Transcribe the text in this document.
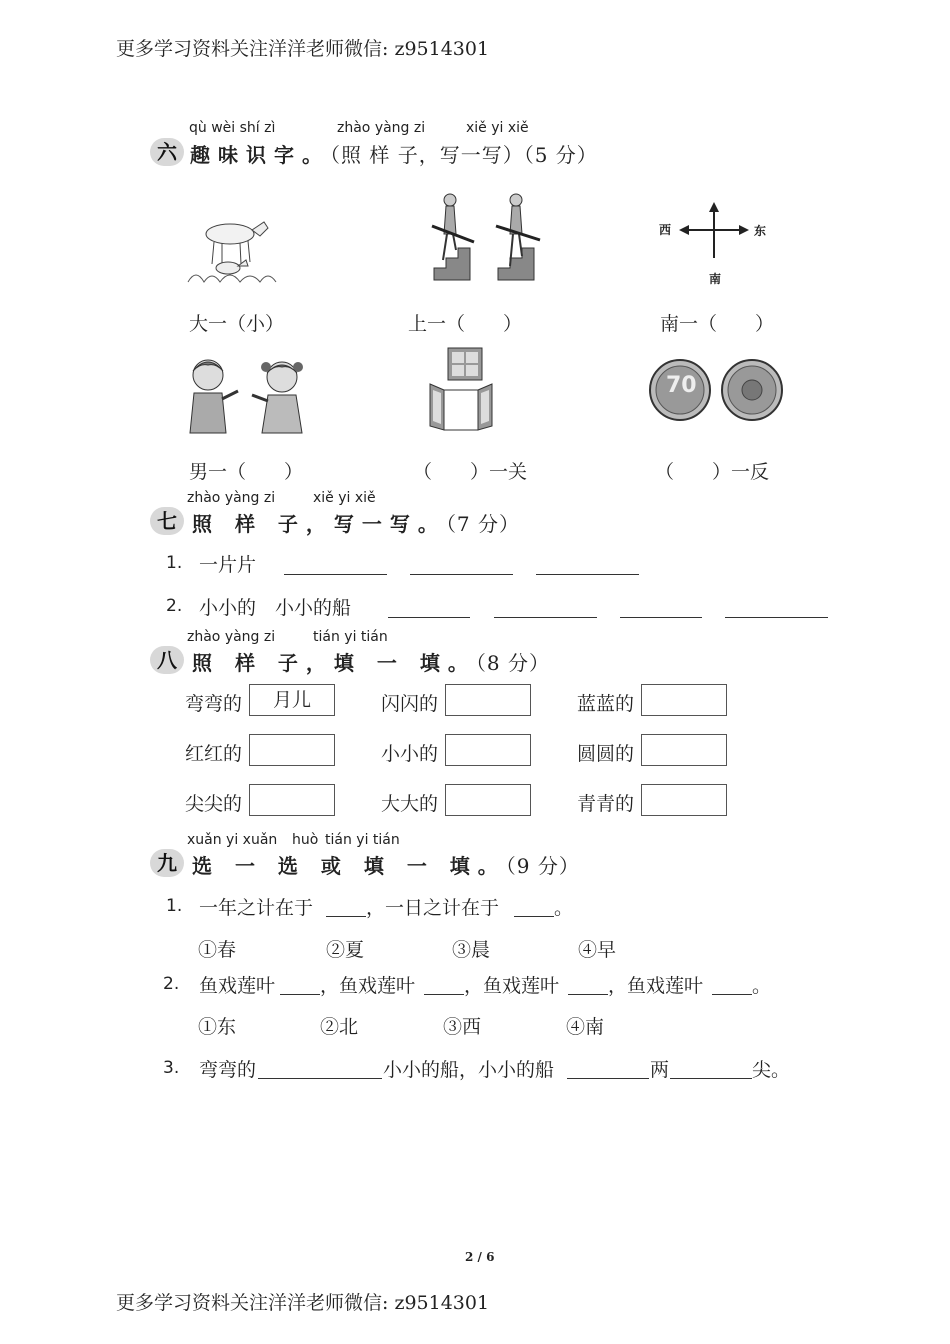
更多学习资料关注洋洋老师微信: z9514301
qù wèi shí zì	zhào yàng zi	xiě yi xiě
六 趣味识字。（照 样 子，写一写）（5 分）
西	东
南
大一（小）	上一（　　）	南一（　　）
70
男一（　　）	（　　）一关	（　　）一反
zhào yàng zi	xiě yi xiě
七 照 样 子，写一写。（7 分）
1. 一片片
2. 小小的　小小的船
zhào yàng zi	tián yi tián
八 照 样 子，填 一 填。（8 分）
弯弯的	月儿	闪闪的	蓝蓝的
红红的	小小的	圆圆的
尖尖的	大大的	青青的
xuǎn yi xuǎn huò tián yi tián
九 选 一 选 或 填 一 填。（9 分）
1. 一年之计在于	，一日之计在于	。
①春	②夏	③晨	④早
2. 鱼戏莲叶 ，鱼戏莲叶	，鱼戏莲叶	，鱼戏莲叶	。
①东	②北	③西	④南
3. 弯弯的	小小的船，小小的船	两	尖。
2 / 6
更多学习资料关注洋洋老师微信: z9514301
